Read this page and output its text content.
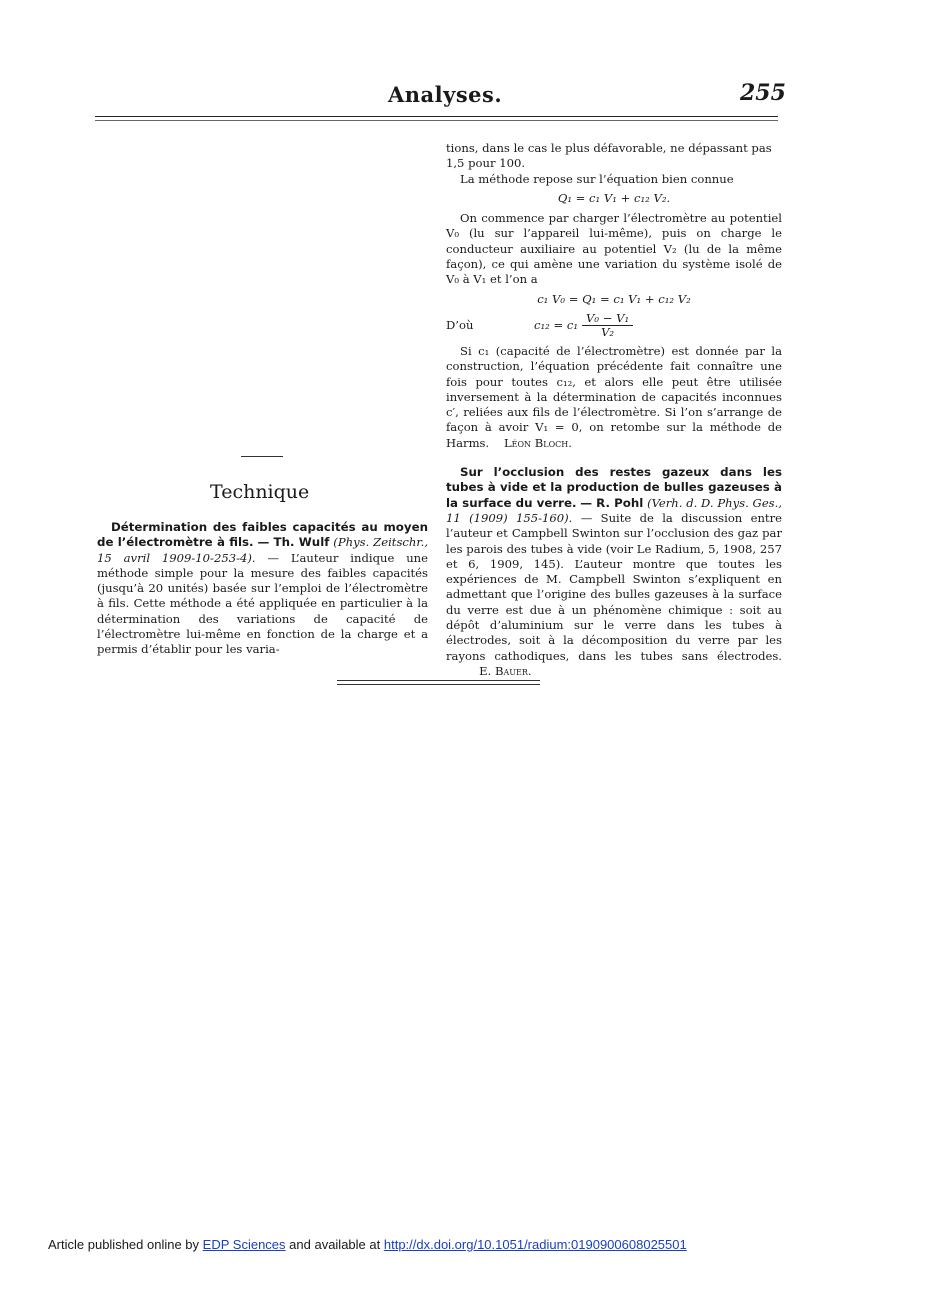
Analyses.	255

tions, dans le cas le plus défavorable, ne dépassant pas
1,5 pour 100.

La méthode repose sur l’équation bien connue

Q₁ = c₁ V₁ + c₁₂ V₂.

On commence par charger l’électromètre au potentiel V₀ (lu sur l’appareil lui-même), puis on charge le conducteur auxiliaire au potentiel V₂ (lu de la même façon), ce qui amène une variation du système isolé de V₀ à V₁ et l’on a

c₁ V₀ = Q₁ = c₁ V₁ + c₁₂ V₂
D’où	$c_{12} = c_1 \frac{\text{V₀ − V₁}}{\text{V₂}}$

Si c₁ (capacité de l’électromètre) est donnée par la construction, l’équation précédente fait connaître une fois pour toutes c₁₂, et alors elle peut être utilisée inversement à la détermination de capacités inconnues c′, reliées aux fils de l’électromètre. Si l’on s’arrange de façon à avoir V₁ = 0, on retombe sur la méthode de Harms. Léon Bloch.

Sur l’occlusion des restes gazeux dans les tubes à vide et la production de bulles gazeuses à la surface du verre. — R. Pohl (Verh. d. D. Phys. Ges., 11 (1909) 155-160). — Suite de la discussion entre l’auteur et Campbell Swinton sur l’occlusion des gaz par les parois des tubes à vide (voir Le Radium, 5, 1908, 257 et 6, 1909, 145). L’auteur montre que toutes les expériences de M. Campbell Swinton s’expliquent en admettant que l’origine des bulles gazeuses à la surface du verre est due à un phénomène chimique : soit au dépôt d’aluminium sur le verre dans les tubes à électrodes, soit à la décomposition du verre par les rayons cathodiques, dans les tubes sans électrodes.          E. Bauer.

Technique

Détermination des faibles capacités au moyen de l’électromètre à fils. — Th. Wulf (Phys. Zeitschr., 15 avril 1909-10-253-4). — L’auteur indique une méthode simple pour la mesure des faibles capacités (jusqu’à 20 unités) basée sur l’emploi de l’électromètre à fils. Cette méthode a été appliquée en particulier à la détermination des variations de capacité de l’électromètre lui-même en fonction de la charge et a permis d’établir pour les varia-

Article published online by EDP Sciences and available at http://dx.doi.org/10.1051/radium:0190900608025501
